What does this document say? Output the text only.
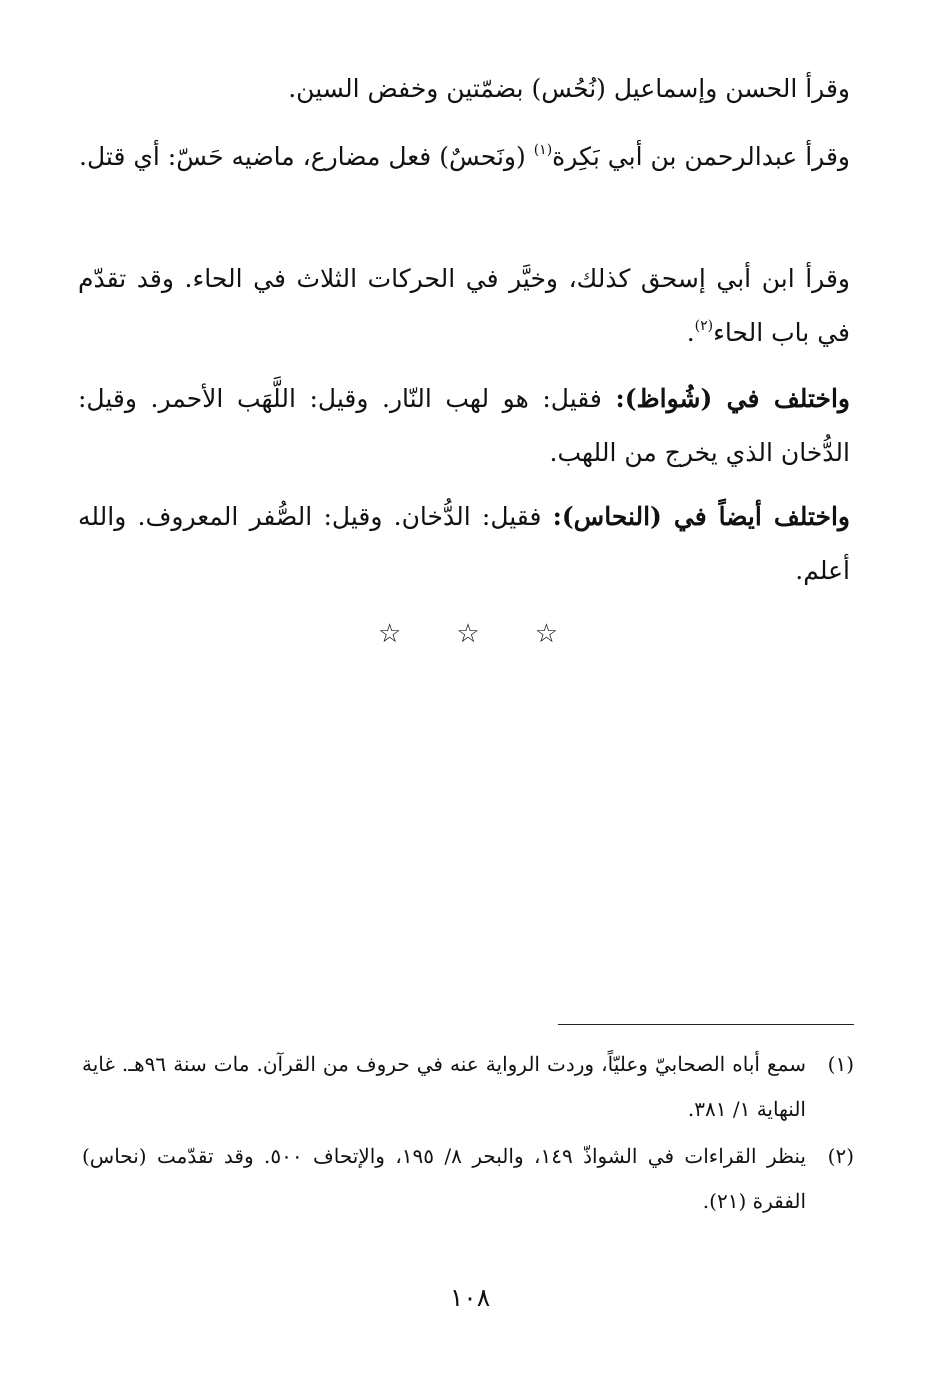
وقرأ الحسن وإسماعيل (نُحُس) بضمّتين وخفض السين.

وقرأ عبدالرحمن بن أبي بَكِرة$^{(١)}$ (ونَحسٌ) فعل مضارع، ماضيه حَسّ: أي قتل.

وقرأ ابن أبي إسحق كذلك، وخيَّر في الحركات الثلاث في الحاء. وقد تقدّم في باب الحاء$^{(٢)}$.

واختلف في (شُواظ): فقيل: هو لهب النّار. وقيل: اللَّهَب الأحمر. وقيل: الدُّخان الذي يخرج من اللهب.

واختلف أيضاً في (النحاس): فقيل: الدُّخان. وقيل: الصُّفر المعروف. والله أعلم.

☆ ☆ ☆

(١)
سمع أباه الصحابيّ وعليّاً، وردت الرواية عنه في حروف من القرآن. مات سنة ٩٦هـ. غاية النهاية ١/ ٣٨١.

(٢)
ينظر القراءات في الشواذّ ١٤٩، والبحر ٨/ ١٩٥، والإتحاف ٥٠٠. وقد تقدّمت (نحاس) الفقرة (٢١).

١٠٨
